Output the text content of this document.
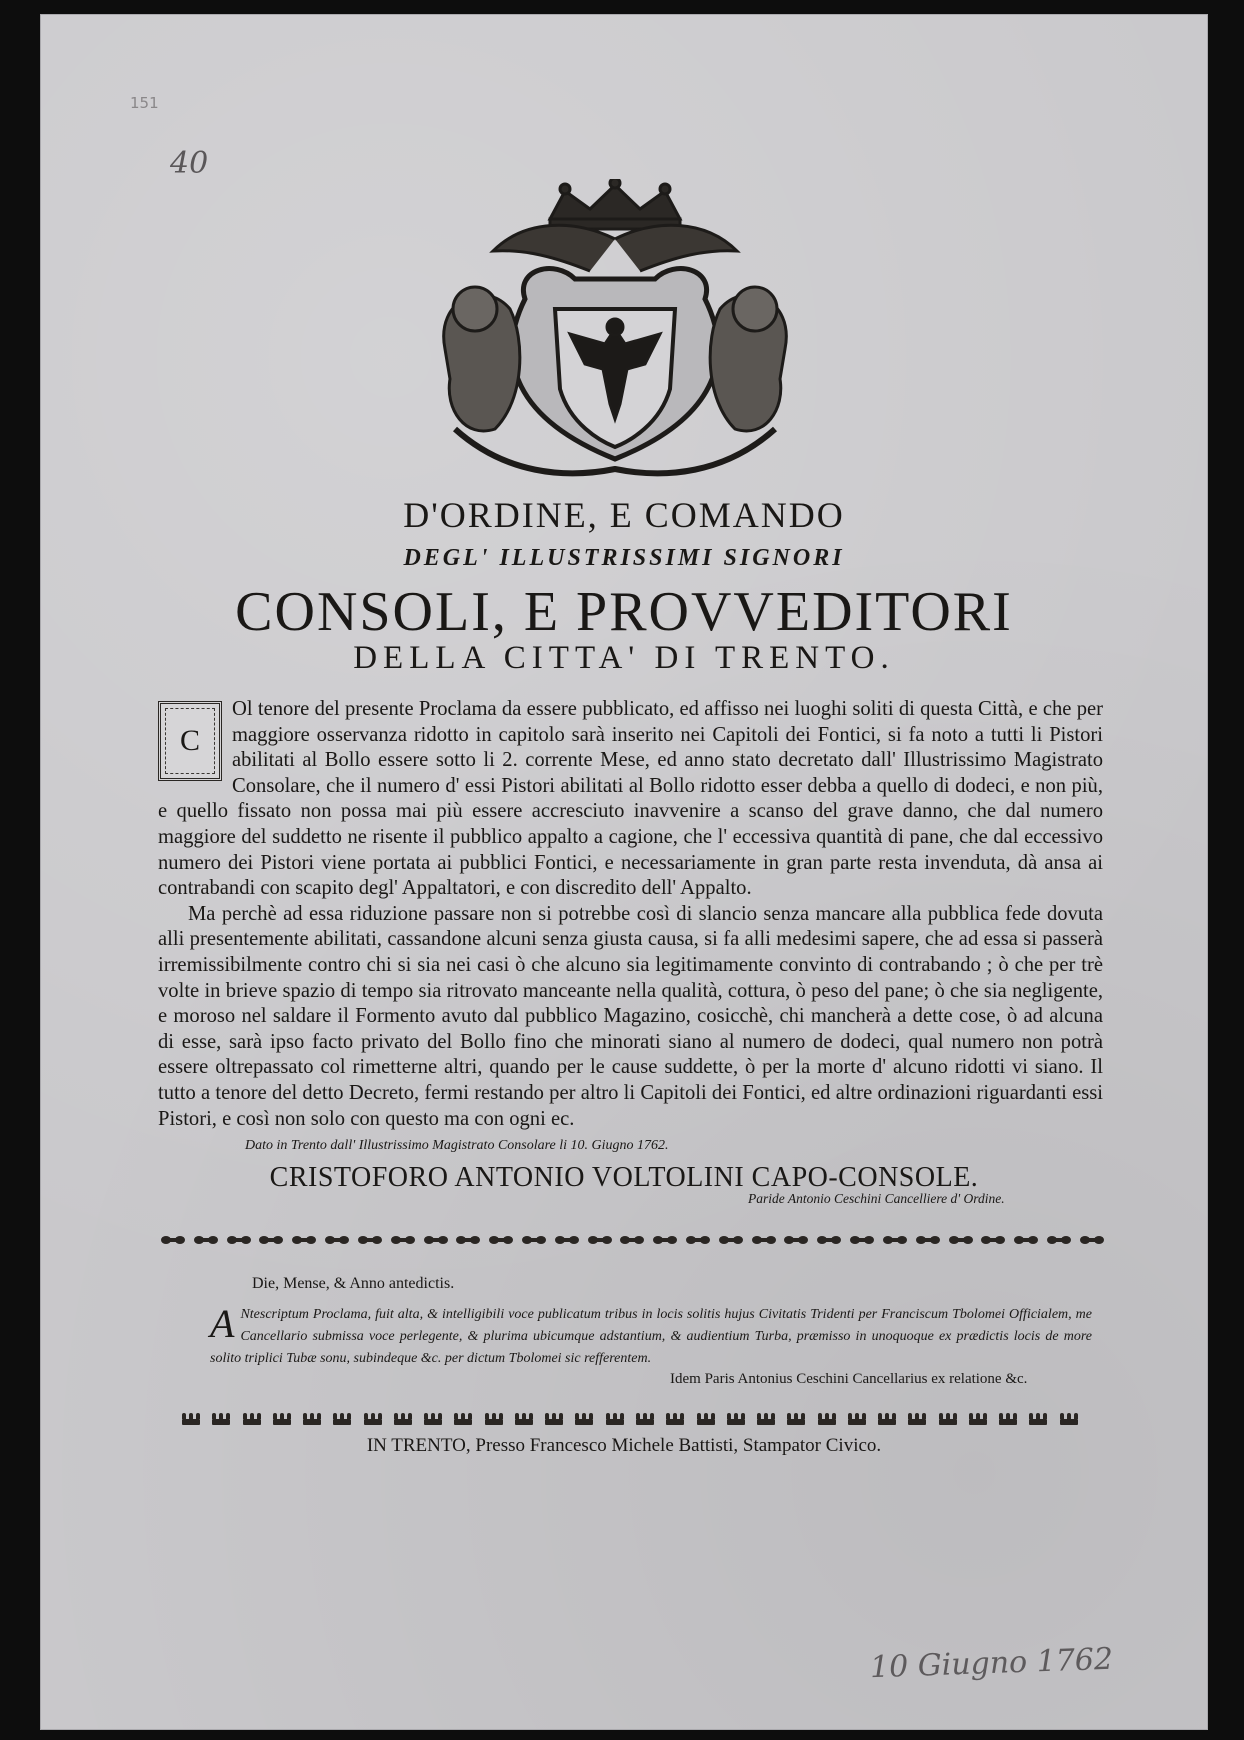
151
40
D'ORDINE, E COMANDO
DEGL' ILLUSTRISSIMI SIGNORI
CONSOLI, E PROVVEDITORI
DELLA CITTA' DI TRENTO.
C

Ol tenore del presente Proclama da essere pubblicato, ed affisso nei luoghi soliti di questa Città, e che per maggiore osservanza ridotto in capitolo sarà inserito nei Capitoli dei Fontici, si fa noto a tutti li Pistori abilitati al Bollo essere sotto li 2. corrente Mese, ed anno stato decretato dall' Illustrissimo Magistrato Consolare, che il numero d' essi Pistori abilitati al Bollo ridotto esser debba a quello di dodeci, e non più, e quello fissato non possa mai più essere accresciuto inavvenire a scanso del grave danno, che dal numero maggiore del suddetto ne risente il pubblico appalto a cagione, che l' eccessiva quantità di pane, che dal eccessivo numero dei Pistori viene portata ai pubblici Fontici, e necessariamente in gran parte resta invenduta, dà ansa ai contrabandi con scapito degl' Appaltatori, e con discredito dell' Appalto.

Ma perchè ad essa riduzione passare non si potrebbe così di slancio senza mancare alla pubblica fede dovuta alli presentemente abilitati, cassandone alcuni senza giusta causa, si fa alli medesimi sapere, che ad essa si passerà irremissibilmente contro chi si sia nei casi ò che alcuno sia legitimamente convinto di contrabando ; ò che per trè volte in brieve spazio di tempo sia ritrovato manceante nella qualità, cottura, ò peso del pane; ò che sia negligente, e moroso nel saldare il Formento avuto dal pubblico Magazino, cosicchè, chi mancherà a dette cose, ò ad alcuna di esse, sarà ipso facto privato del Bollo fino che minorati siano al numero de dodeci, qual numero non potrà essere oltrepassato col rimetterne altri, quando per le cause suddette, ò per la morte d' alcuno ridotti vi siano. Il tutto a tenore del detto Decreto, fermi restando per altro li Capitoli dei Fontici, ed altre ordinazioni riguardanti essi Pistori, e così non solo con questo ma con ogni ec.

Dato in Trento dall' Illustrissimo Magistrato Consolare li 10. Giugno 1762.
CRISTOFORO ANTONIO VOLTOLINI CAPO-CONSOLE.
Paride Antonio Ceschini Cancelliere d' Ordine.
Die, Mense, & Anno antedictis.
A Ntescriptum Proclama, fuit alta, & intelligibili voce publicatum tribus in locis solitis hujus Civitatis Tridenti per Franciscum Tbolomei Officialem, me Cancellario submissa voce perlegente, & plurima ubicumque adstantium, & audientium Turba, præmisso in unoquoque ex prædictis locis de more solito triplici Tubæ sonu, subindeque &c. per dictum Tbolomei sic refferentem.

Idem Paris Antonius Ceschini Cancellarius ex relatione &c.
IN TRENTO, Presso Francesco Michele Battisti, Stampator Civico.
10 Giugno 1762
